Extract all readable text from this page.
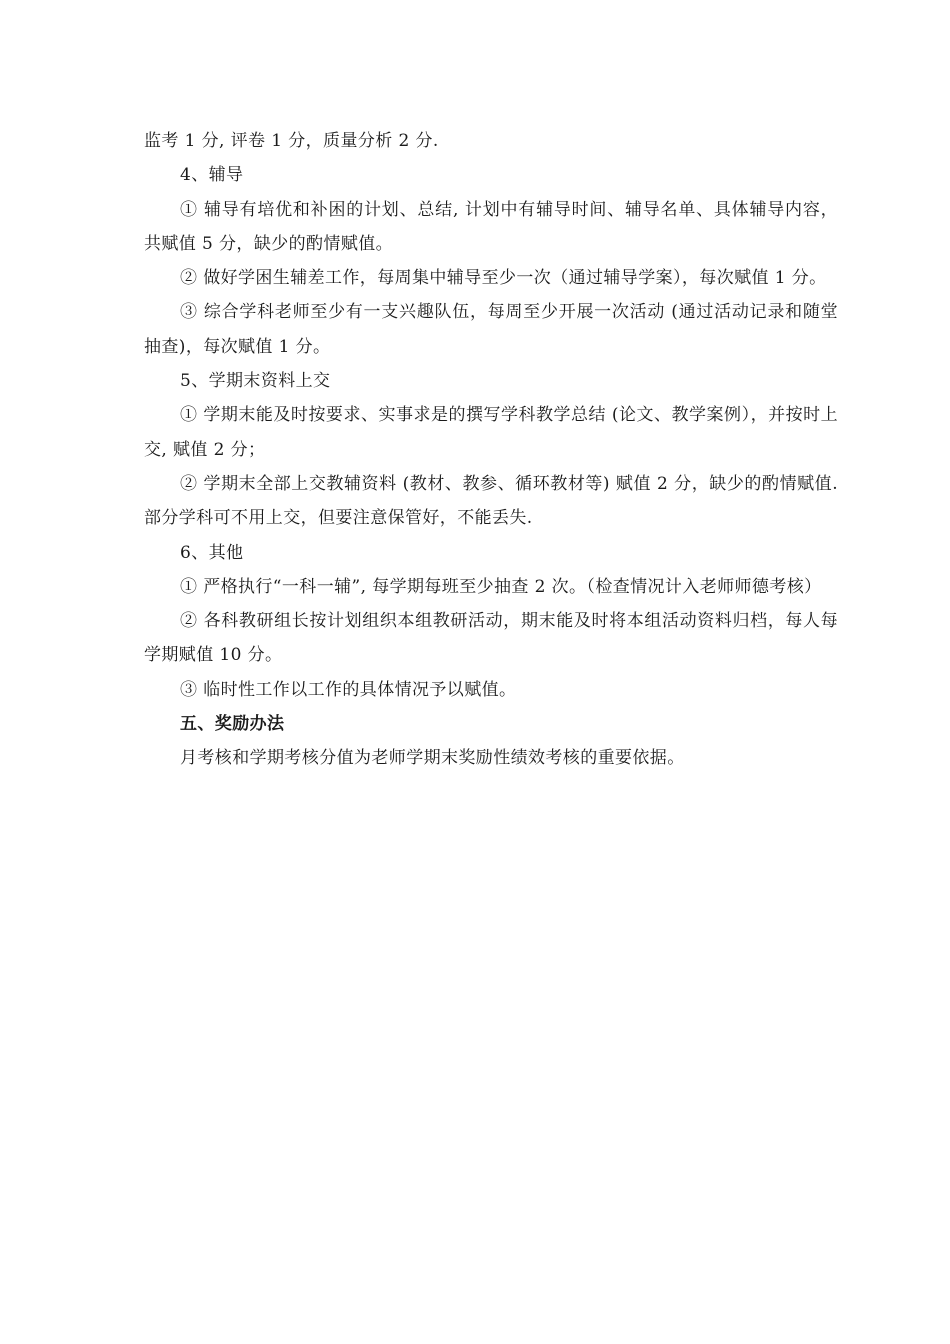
监考 1 分, 评卷 1 分，质量分析 2 分.

4、辅导

① 辅导有培优和补困的计划、总结, 计划中有辅导时间、辅导名单、具体辅导内容，共赋值 5 分，缺少的酌情赋值。

② 做好学困生辅差工作，每周集中辅导至少一次（通过辅导学案），每次赋值 1 分。

③ 综合学科老师至少有一支兴趣队伍，每周至少开展一次活动 (通过活动记录和随堂抽查)，每次赋值 1 分。

5、学期末资料上交

① 学期末能及时按要求、实事求是的撰写学科教学总结 (论文、教学案例），并按时上交, 赋值 2 分；

② 学期末全部上交教辅资料 (教材、教参、循环教材等) 赋值 2 分，缺少的酌情赋值. 部分学科可不用上交，但要注意保管好，不能丢失.

6、其他

① 严格执行“一科一辅”, 每学期每班至少抽查 2 次。（检查情况计入老师师德考核）

② 各科教研组长按计划组织本组教研活动，期末能及时将本组活动资料归档，每人每学期赋值 10 分。

③ 临时性工作以工作的具体情况予以赋值。

五、奖励办法

月考核和学期考核分值为老师学期末奖励性绩效考核的重要依据。
